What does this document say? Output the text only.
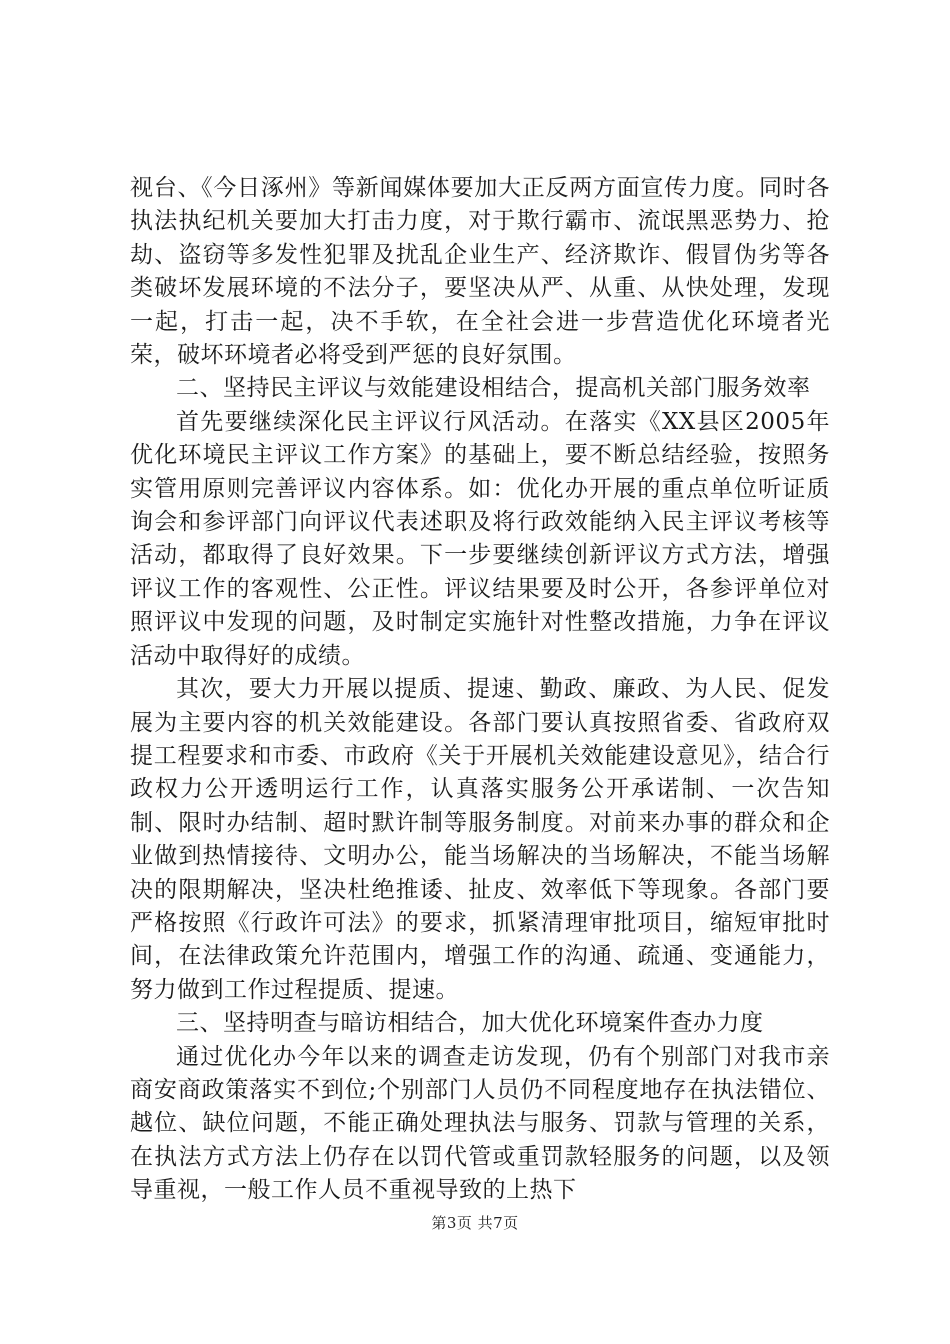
视台、《今日涿州》等新闻媒体要加大正反两方面宣传力度。同时各执法执纪机关要加大打击力度，对于欺行霸市、流氓黑恶势力、抢劫、盗窃等多发性犯罪及扰乱企业生产、经济欺诈、假冒伪劣等各类破坏发展环境的不法分子，要坚决从严、从重、从快处理，发现一起，打击一起，决不手软，在全社会进一步营造优化环境者光荣，破坏环境者必将受到严惩的良好氛围。

二、坚持民主评议与效能建设相结合，提高机关部门服务效率

首先要继续深化民主评议行风活动。在落实《XX县区2005年优化环境民主评议工作方案》的基础上，要不断总结经验，按照务实管用原则完善评议内容体系。如：优化办开展的重点单位听证质询会和参评部门向评议代表述职及将行政效能纳入民主评议考核等活动，都取得了良好效果。下一步要继续创新评议方式方法，增强评议工作的客观性、公正性。评议结果要及时公开，各参评单位对照评议中发现的问题，及时制定实施针对性整改措施，力争在评议活动中取得好的成绩。

其次，要大力开展以提质、提速、勤政、廉政、为人民、促发展为主要内容的机关效能建设。各部门要认真按照省委、省政府双提工程要求和市委、市政府《关于开展机关效能建设意见》，结合行政权力公开透明运行工作，认真落实服务公开承诺制、一次告知制、限时办结制、超时默许制等服务制度。对前来办事的群众和企业做到热情接待、文明办公，能当场解决的当场解决，不能当场解决的限期解决，坚决杜绝推诿、扯皮、效率低下等现象。各部门要严格按照《行政许可法》的要求，抓紧清理审批项目，缩短审批时间，在法律政策允许范围内，增强工作的沟通、疏通、变通能力，努力做到工作过程提质、提速。

三、坚持明查与暗访相结合，加大优化环境案件查办力度

通过优化办今年以来的调查走访发现，仍有个别部门对我市亲商安商政策落实不到位;个别部门人员仍不同程度地存在执法错位、越位、缺位问题，不能正确处理执法与服务、罚款与管理的关系，在执法方式方法上仍存在以罚代管或重罚款轻服务的问题，以及领导重视，一般工作人员不重视导致的上热下

第3页 共7页
